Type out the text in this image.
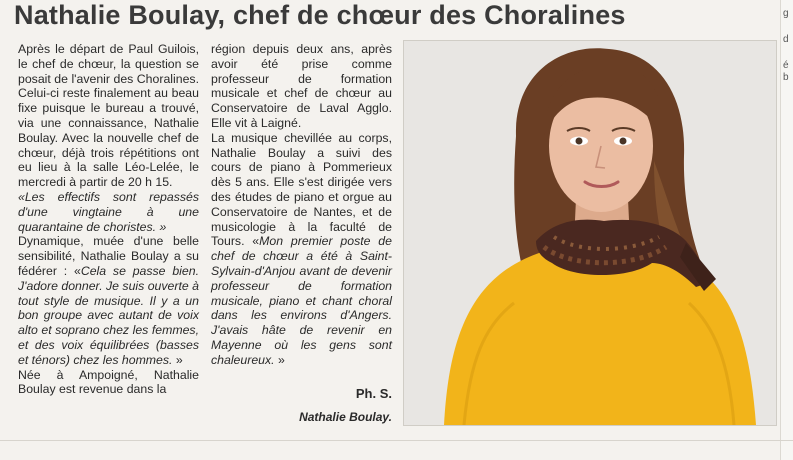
Nathalie Boulay, chef de chœur des Choralines

Après le départ de Paul Guilois, le chef de chœur, la question se posait de l'avenir des Choralines. Celui-ci reste finalement au beau fixe puisque le bureau a trouvé, via une connaissance, Nathalie Boulay. Avec la nouvelle chef de chœur, déjà trois répétitions ont eu lieu à la salle Léo-Lelée, le mercredi à partir de 20 h 15.

«Les effectifs sont repassés d'une vingtaine à une quarantaine de choristes. »

Dynamique, muée d'une belle sensibilité, Nathalie Boulay a su fédérer : «Cela se passe bien. J'adore donner. Je suis ouverte à tout style de musique. Il y a un bon groupe avec autant de voix alto et soprano chez les femmes, et des voix équilibrées (basses et ténors) chez les hommes. »

Née à Ampoigné, Nathalie Boulay est revenue dans la

région depuis deux ans, après avoir été prise comme professeur de formation musicale et chef de chœur au Conservatoire de Laval Agglo. Elle vit à Laigné.

La musique chevillée au corps, Nathalie Boulay a suivi des cours de piano à Pommerieux dès 5 ans. Elle s'est dirigée vers des études de piano et orgue au Conservatoire de Nantes, et de musicologie à la faculté de Tours. «Mon premier poste de chef de chœur a été à Saint-Sylvain-d'Anjou avant de devenir professeur de formation musicale, piano et chant choral dans les environs d'Angers. J'avais hâte de revenir en Mayenne où les gens sont chaleureux. »

Ph. S.
Nathalie Boulay.
g
d
é
b
